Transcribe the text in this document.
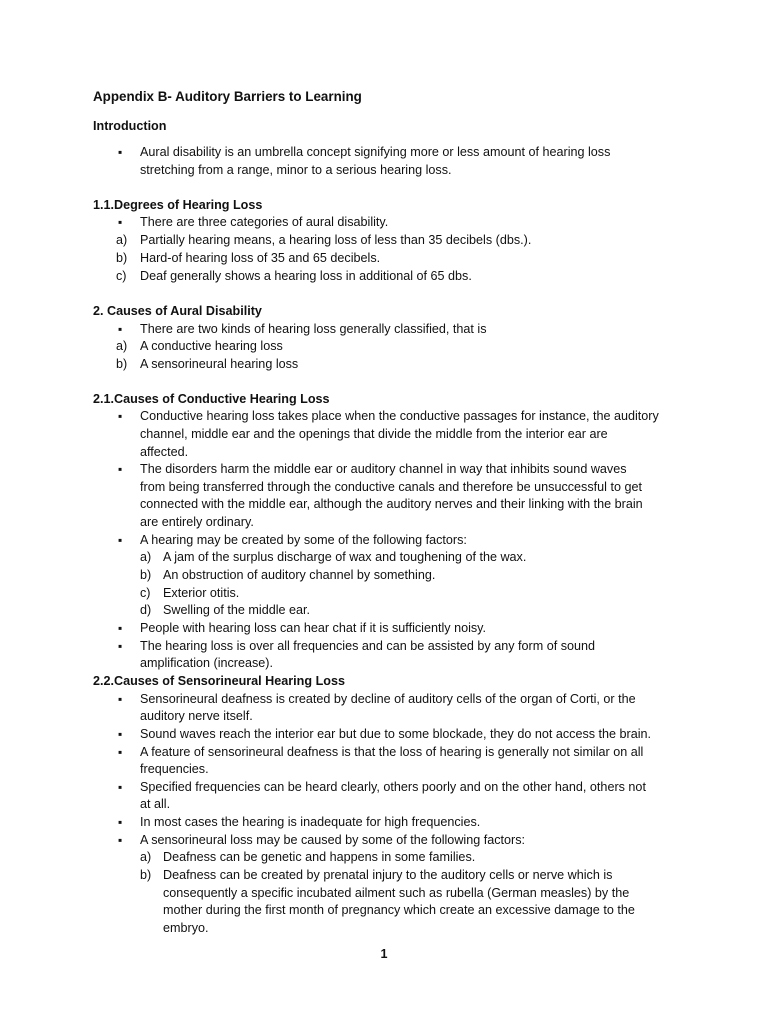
Appendix B- Auditory Barriers to Learning
Introduction
▪ Aural disability is an umbrella concept signifying more or less amount of hearing loss
stretching from a range, minor to a serious hearing loss.
1.1.Degrees of Hearing Loss
▪ There are three categories of aural disability.
a) Partially hearing means, a hearing loss of less than 35 decibels (dbs.).
b) Hard-of hearing loss of 35 and 65 decibels.
c) Deaf generally shows a hearing loss in additional of 65 dbs.
2. Causes of Aural Disability
▪ There are two kinds of hearing loss generally classified, that is
a) A conductive hearing loss
b) A sensorineural hearing loss
2.1.Causes of Conductive Hearing Loss
▪ Conductive hearing loss takes place when the conductive passages for instance, the auditory
channel, middle ear and the openings that divide the middle from the interior ear are
affected.
▪ The disorders harm the middle ear or auditory channel in way that inhibits sound waves
from being transferred through the conductive canals and therefore be unsuccessful to get
connected with the middle ear, although the auditory nerves and their linking with the brain
are entirely ordinary.
▪ A hearing may be created by some of the following factors:
a) A jam of the surplus discharge of wax and toughening of the wax.
b) An obstruction of auditory channel by something.
c) Exterior otitis.
d) Swelling of the middle ear.
▪ People with hearing loss can hear chat if it is sufficiently noisy.
▪ The hearing loss is over all frequencies and can be assisted by any form of sound
amplification (increase).
2.2.Causes of Sensorineural Hearing Loss
▪ Sensorineural deafness is created by decline of auditory cells of the organ of Corti, or the
auditory nerve itself.
▪ Sound waves reach the interior ear but due to some blockade, they do not access the brain.
▪ A feature of sensorineural deafness is that the loss of hearing is generally not similar on all
frequencies.
▪ Specified frequencies can be heard clearly, others poorly and on the other hand, others not
at all.
▪ In most cases the hearing is inadequate for high frequencies.
▪ A sensorineural loss may be caused by some of the following factors:
a) Deafness can be genetic and happens in some families.
b) Deafness can be created by prenatal injury to the auditory cells or nerve which is
consequently a specific incubated ailment such as rubella (German measles) by the
mother during the first month of pregnancy which create an excessive damage to the
embryo.
1
